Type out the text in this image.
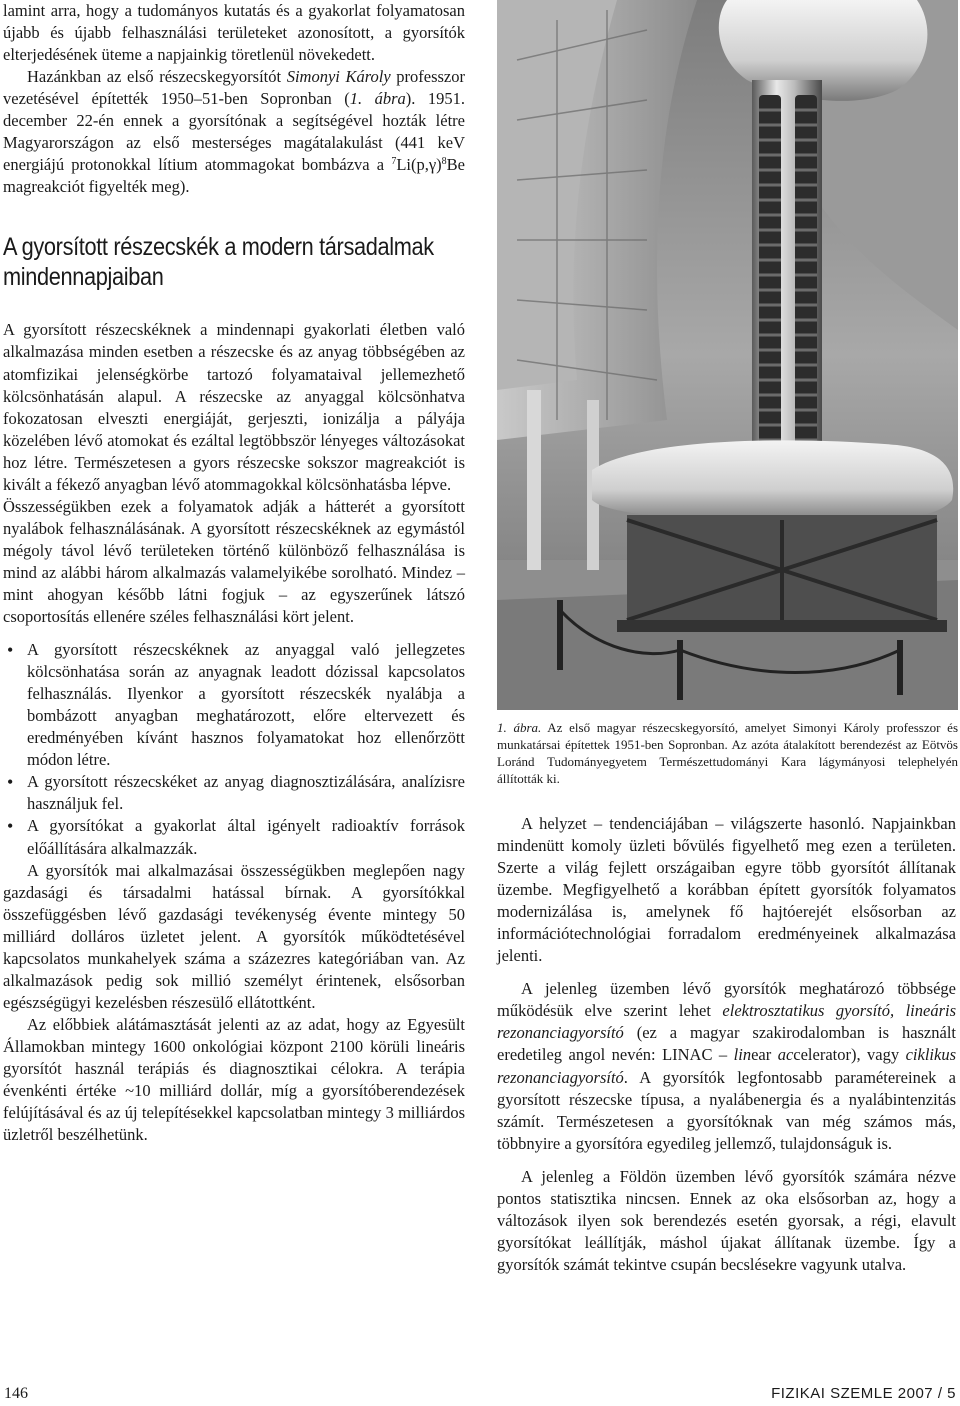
lamint arra, hogy a tudományos kutatás és a gyakorlat folyamatosan újabb és újabb felhasználási területeket azonosított, a gyorsítók elterjedésének üteme a napjainkig töretlenül növekedett.

Hazánkban az első részecskegyorsítót Simonyi Károly professzor vezetésével építették 1950–51-ben Sopronban (1. ábra). 1951. december 22-én ennek a gyorsítónak a segítségével hozták létre Magyarországon az első mesterséges magátalakulást (441 keV energiájú protonokkal lítium atommagokat bombázva a $^7Li(p,\gamma)^8Be$ magreakciót figyelték meg).

A gyorsított részecskék a modern társadalmak mindennapjaiban

A gyorsított részecskéknek a mindennapi gyakorlati életben való alkalmazása minden esetben a részecske és az anyag többségében az atomfizikai jelenségkörbe tartozó folyamataival jellemezhető kölcsönhatásán alapul. A részecske az anyaggal kölcsönhatva fokozatosan elveszti energiáját, gerjeszti, ionizálja a pályája közelében lévő atomokat és ezáltal legtöbbször lényeges változásokat hoz létre. Természetesen a gyors részecske sokszor magreakciót is kivált a fékező anyagban lévő atommagokkal kölcsönhatásba lépve.

Összességükben ezek a folyamatok adják a hátterét a gyorsított nyalábok felhasználásának. A gyorsított részecskéknek az egymástól mégoly távol lévő területeken történő különböző felhasználása is mind az alábbi három alkalmazás valamelyikébe sorolható. Mindez – mint ahogyan később látni fogjuk – az egyszerűnek látszó csoportosítás ellenére széles felhasználási kört jelent.

• A gyorsított részecskéknek az anyaggal való jellegzetes kölcsönhatása során az anyagnak leadott dózissal kapcsolatos felhasználás. Ilyenkor a gyorsított részecskék nyalábja a bombázott anyagban meghatározott, előre eltervezett és eredményében kívánt hasznos folyamatokat hoz ellenőrzött módon létre.
• A gyorsított részecskéket az anyag diagnosztizálására, analízisre használjuk fel.
• A gyorsítókat a gyakorlat által igényelt radioaktív források előállítására alkalmazzák.

A gyorsítók mai alkalmazásai összességükben meglepően nagy gazdasági és társadalmi hatással bírnak. A gyorsítókkal összefüggésben lévő gazdasági tevékenység évente mintegy 50 milliárd dolláros üzletet jelent. A gyorsítók működtetésével kapcsolatos munkahelyek száma a százezres kategóriában van. Az alkalmazások pedig sok millió személyt érintenek, elsősorban egészségügyi kezelésben részesülő ellátottként.

Az előbbiek alátámasztását jelenti az az adat, hogy az Egyesült Államokban mintegy 1600 onkológiai központ 2100 körüli lineáris gyorsítót használ terápiás és diagnosztikai célokra. A terápia évenkénti értéke ~10 milliárd dollár, míg a gyorsítóberendezések felújításával és az új telepítésekkel kapcsolatban mintegy 3 milliárdos üzletről beszélhetünk.

1. ábra. Az első magyar részecskegyorsító, amelyet Simonyi Károly professzor és munkatársai építettek 1951-ben Sopronban. Az azóta átalakított berendezést az Eötvös Loránd Tudományegyetem Természettudományi Kara lágymányosi telephelyén állították ki.

A helyzet – tendenciájában – világszerte hasonló. Napjainkban mindenütt komoly üzleti bővülés figyelhető meg ezen a területen. Szerte a világ fejlett országaiban egyre több gyorsítót állítanak üzembe. Megfigyelhető a korábban épített gyorsítók folyamatos modernizálása is, amelynek fő hajtóerejét elsősorban az információtechnológiai forradalom eredményeinek alkalmazása jelenti.

A jelenleg üzemben lévő gyorsítók meghatározó többsége működésük elve szerint lehet elektrosztatikus gyorsító, lineáris rezonanciagyorsító (ez a magyar szakirodalomban is használt eredetileg angol nevén: LINAC – linear accelerator), vagy ciklikus rezonanciagyorsító. A gyorsítók legfontosabb paramétereinek a gyorsított részecske típusa, a nyalábenergia és a nyalábintenzitás számít. Természetesen a gyorsítóknak van még számos más, többnyire a gyorsítóra egyedileg jellemző, tulajdonságuk is.

A jelenleg a Földön üzemben lévő gyorsítók számára nézve pontos statisztika nincsen. Ennek az oka elsősorban az, hogy a változások ilyen sok berendezés esetén gyorsak, a régi, elavult gyorsítókat leállítják, máshol újakat állítanak üzembe. Így a gyorsítók számát tekintve csupán becslésekre vagyunk utalva.

146	FIZIKAI SZEMLE 2007 / 5
